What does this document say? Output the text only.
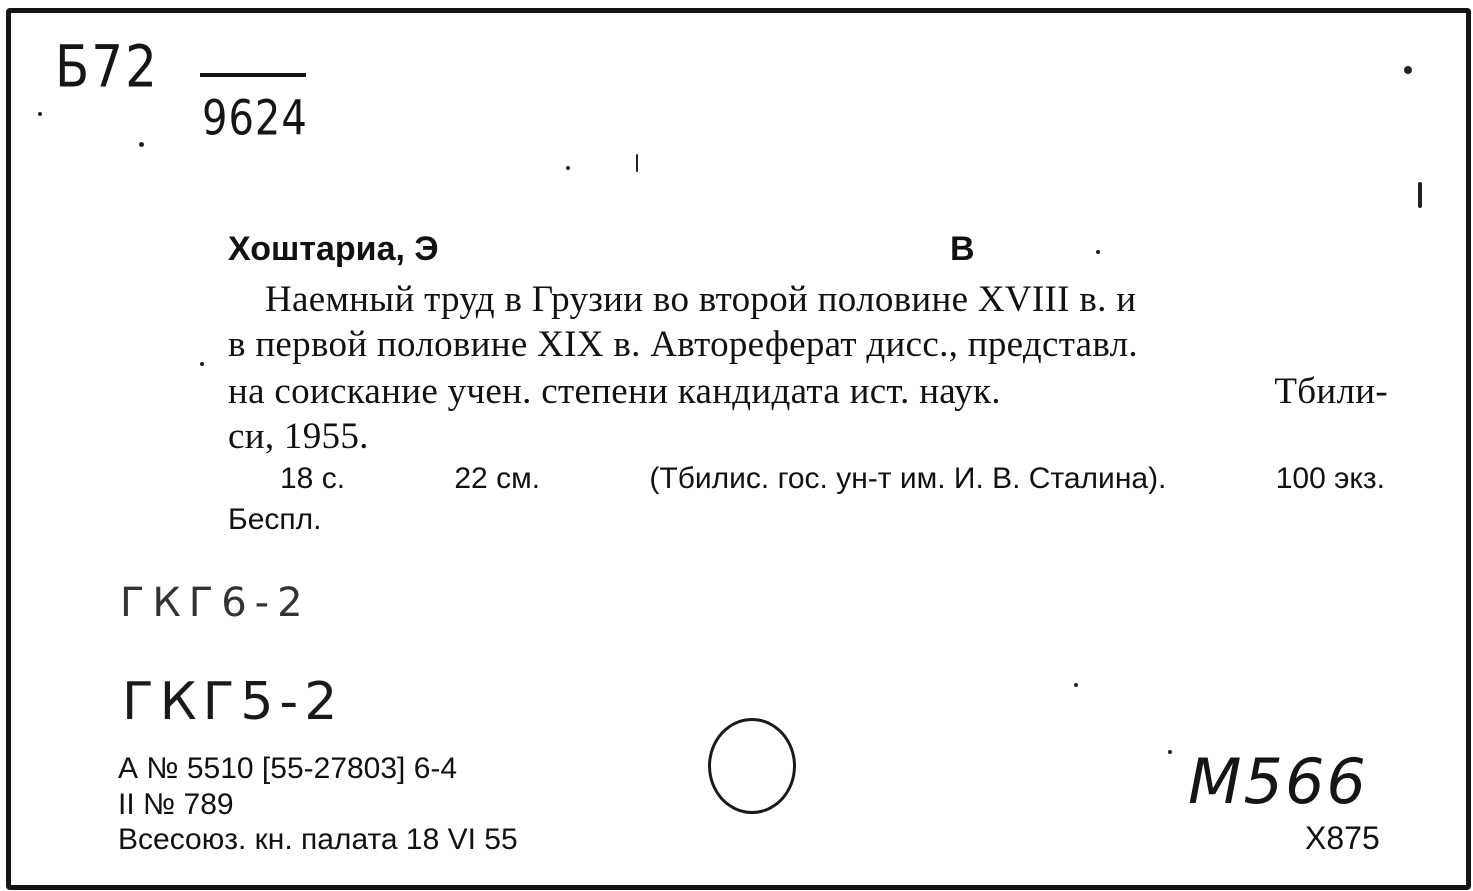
Б72
9624
Хоштариа, Э	В
Наемный труд в Грузии во второй половине XVIII в. и
в первой половине XIX в. Автореферат дисс., представл.
на соискание учен. степени кандидата ист. наук.	Тбили-
си, 1955.
18 с.	22 см.	(Тбилис. гос. ун-т им. И. В. Сталина).	100 экз.
Беспл.
ГКГ6-2
ГКГ5-2
А № 5510 [55-27803] 6-4
II № 789
Всесоюз. кн. палата 18 VI 55
М566
X875
